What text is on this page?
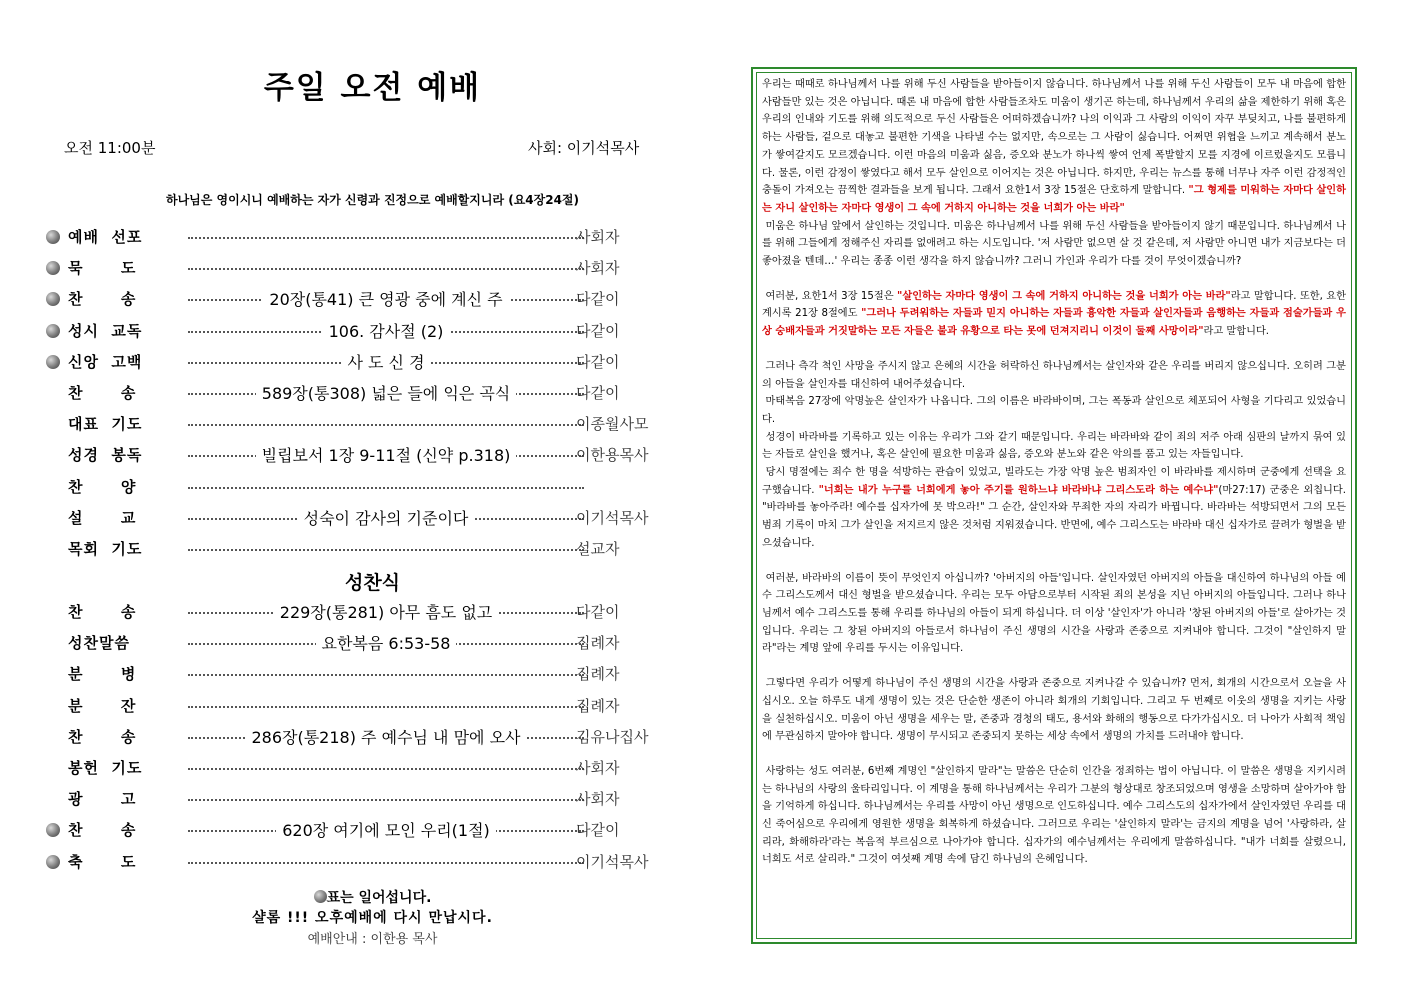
주일 오전 예배
오전 11:00분	사회: 이기석목사
하나님은 영이시니 예배하는 자가 신령과 진정으로 예배할지니라 (요4장24절)
예배  선포	사회자
묵      도	사회자
찬      송	20장(통41) 큰 영광 중에 계신 주	다같이
성시  교독	106. 감사절 (2)	다같이
신앙  고백	사 도 신 경	다같이
찬      송	589장(통308) 넓은 들에 익은 곡식	다같이
대표  기도	이종월사모
성경  봉독	빌립보서 1장 9-11절 (신약 p.318)	이한용목사
찬      양
설      교	성숙이 감사의 기준이다	이기석목사
목회  기도	설교자
성찬식
찬      송	229장(통281) 아무 흠도 없고	다같이
성찬말씀	요한복음 6:53-58	집례자
분      병	집례자
분      잔	집례자
찬      송	286장(통218) 주 예수님 내 맘에 오사	김유나집사
봉헌  기도	사회자
광      고	사회자
찬      송	620장 여기에 모인 우리(1절)	다같이
축      도	이기석목사
표는 일어섭니다.
샬롬 !!! 오후예배에 다시 만납시다.
예배안내 : 이한용 목사

우리는 때때로 하나님께서 나를 위해 두신 사람들을 받아들이지 않습니다. 하나님께서 나를 위해 두신 사람들이 모두 내 마음에 합한 사람들만 있는 것은 아닙니다. 때론 내 마음에 합한 사람들조차도 미움이 생기곤 하는데, 하나님께서 우리의 삶을 제한하기 위해 혹은 우리의 인내와 기도를 위해 의도적으로 두신 사람들은 어떠하겠습니까? 나의 이익과 그 사람의 이익이 자꾸 부딪치고, 나를 불편하게 하는 사람들, 겉으로 대놓고 불편한 기색을 나타낼 수는 없지만, 속으로는 그 사람이 싫습니다. 어쩌면 위협을 느끼고 계속해서 분노가 쌓여갈지도 모르겠습니다. 이런 마음의 미움과 싫음, 증오와 분노가 하나씩 쌓여 언제 폭발할지 모를 지경에 이르렀을지도 모릅니다. 물론, 이런 감정이 쌓였다고 해서 모두 살인으로 이어지는 것은 아닙니다. 하지만, 우리는 뉴스를 통해 너무나 자주 이런 감정적인 충돌이 가져오는 끔찍한 결과들을 보게 됩니다. 그래서 요한1서 3장 15절은 단호하게 말합니다. "그 형제를 미워하는 자마다 살인하는 자니 살인하는 자마다 영생이 그 속에 거하지 아니하는 것을 너희가 아는 바라"

미움은 하나님 앞에서 살인하는 것입니다. 미움은 하나님께서 나를 위해 두신 사람들을 받아들이지 않기 때문입니다. 하나님께서 나를 위해 그들에게 정해주신 자리를 없애려고 하는 시도입니다. '저 사람만 없으면 살 것 같은데, 저 사람만 아니면 내가 지금보다는 더 좋아졌을 텐데…' 우리는 종종 이런 생각을 하지 않습니까? 그러니 가인과 우리가 다를 것이 무엇이겠습니까?

여러분, 요한1서 3장 15절은 "살인하는 자마다 영생이 그 속에 거하지 아니하는 것을 너희가 아는 바라"라고 말합니다. 또한, 요한계시록 21장 8절에도 "그러나 두려워하는 자들과 믿지 아니하는 자들과 흉악한 자들과 살인자들과 음행하는 자들과 점술가들과 우상 숭배자들과 거짓말하는 모든 자들은 불과 유황으로 타는 못에 던져지리니 이것이 둘째 사망이라"라고 말합니다.

그러나 측각 척인 사망을 주시지 않고 은혜의 시간을 허락하신 하나님께서는 살인자와 같은 우리를 버리지 않으십니다. 오히려 그분의 아들을 살인자를 대신하여 내어주셨습니다.

마태복음 27장에 악명높은 살인자가 나옵니다. 그의 이름은 바라바이며, 그는 폭동과 살인으로 체포되어 사형을 기다리고 있었습니다.

성경이 바라바를 기록하고 있는 이유는 우리가 그와 같기 때문입니다. 우리는 바라바와 같이 죄의 저주 아래 심판의 날까지 묶여 있는 자들로 살인을 했거나, 혹은 살인에 필요한 미움과 싫음, 증오와 분노와 같은 악의를 품고 있는 자들입니다.

당시 명절에는 죄수 한 명을 석방하는 관습이 있었고, 빌라도는 가장 악명 높은 범죄자인 이 바라바를 제시하며 군중에게 선택을 요구했습니다. "너희는 내가 누구를 너희에게 놓아 주기를 원하느냐 바라바냐 그리스도라 하는 예수냐"(마27:17) 군중은 외칩니다. "바라바를 놓아주라! 예수를 십자가에 못 박으라!" 그 순간, 살인자와 무죄한 자의 자리가 바뀝니다. 바라바는 석방되면서 그의 모든 범죄 기록이 마치 그가 살인을 저지르지 않은 것처럼 지워졌습니다. 반면에, 예수 그리스도는 바라바 대신 십자가로 끌려가 형벌을 받으셨습니다.

여러분, 바라바의 이름이 뜻이 무엇인지 아십니까? '아버지의 아들'입니다. 살인자였던 아버지의 아들을 대신하여 하나님의 아들 예수 그리스도께서 대신 형벌을 받으셨습니다. 우리는 모두 아담으로부터 시작된 죄의 본성을 지닌 아버지의 아들입니다. 그러나 하나님께서 예수 그리스도를 통해 우리를 하나님의 아들이 되게 하십니다. 더 이상 '살인자'가 아니라 '창된 아버지의 아들'로 살아가는 것입니다. 우리는 그 창된 아버지의 아들로서 하나님이 주신 생명의 시간을 사랑과 존중으로 지켜내야 합니다. 그것이 "살인하지 말라"라는 계명 앞에 우리를 두시는 이유입니다.

그렇다면 우리가 어떻게 하나님이 주신 생명의 시간을 사랑과 존중으로 지켜나갈 수 있습니까? 먼저, 회개의 시간으로서 오늘을 사십시오. 오늘 하루도 내게 생명이 있는 것은 단순한 생존이 아니라 회개의 기회입니다. 그리고 두 번째로 이웃의 생명을 지키는 사랑을 실천하십시오. 미움이 아닌 생명을 세우는 말, 존중과 경청의 태도, 용서와 화해의 행동으로 다가가십시오. 더 나아가 사회적 책임에 무관심하지 말아야 합니다. 생명이 무시되고 존중되지 못하는 세상 속에서 생명의 가치를 드러내야 합니다.

사랑하는 성도 여러분, 6번째 계명인 "살인하지 말라"는 말씀은 단순히 인간을 정죄하는 법이 아닙니다. 이 말씀은 생명을 지키시려는 하나님의 사랑의 울타리입니다. 이 계명을 통해 하나님께서는 우리가 그분의 형상대로 창조되었으며 영생을 소망하며 살아가야 함을 기억하게 하십니다. 하나님께서는 우리를 사망이 아닌 생명으로 인도하십니다. 예수 그리스도의 십자가에서 살인자였던 우리를 대신 죽어심으로 우리에게 영원한 생명을 회복하게 하셨습니다. 그러므로 우리는 '살인하지 말라'는 금지의 계명을 넘어 '사랑하라, 살리라, 화해하라'라는 복음적 부르심으로 나아가야 합니다. 십자가의 예수님께서는 우리에게 말씀하십니다. "내가 너희를 살렸으니, 너희도 서로 살리라." 그것이 여섯째 계명 속에 담긴 하나님의 은혜입니다.
